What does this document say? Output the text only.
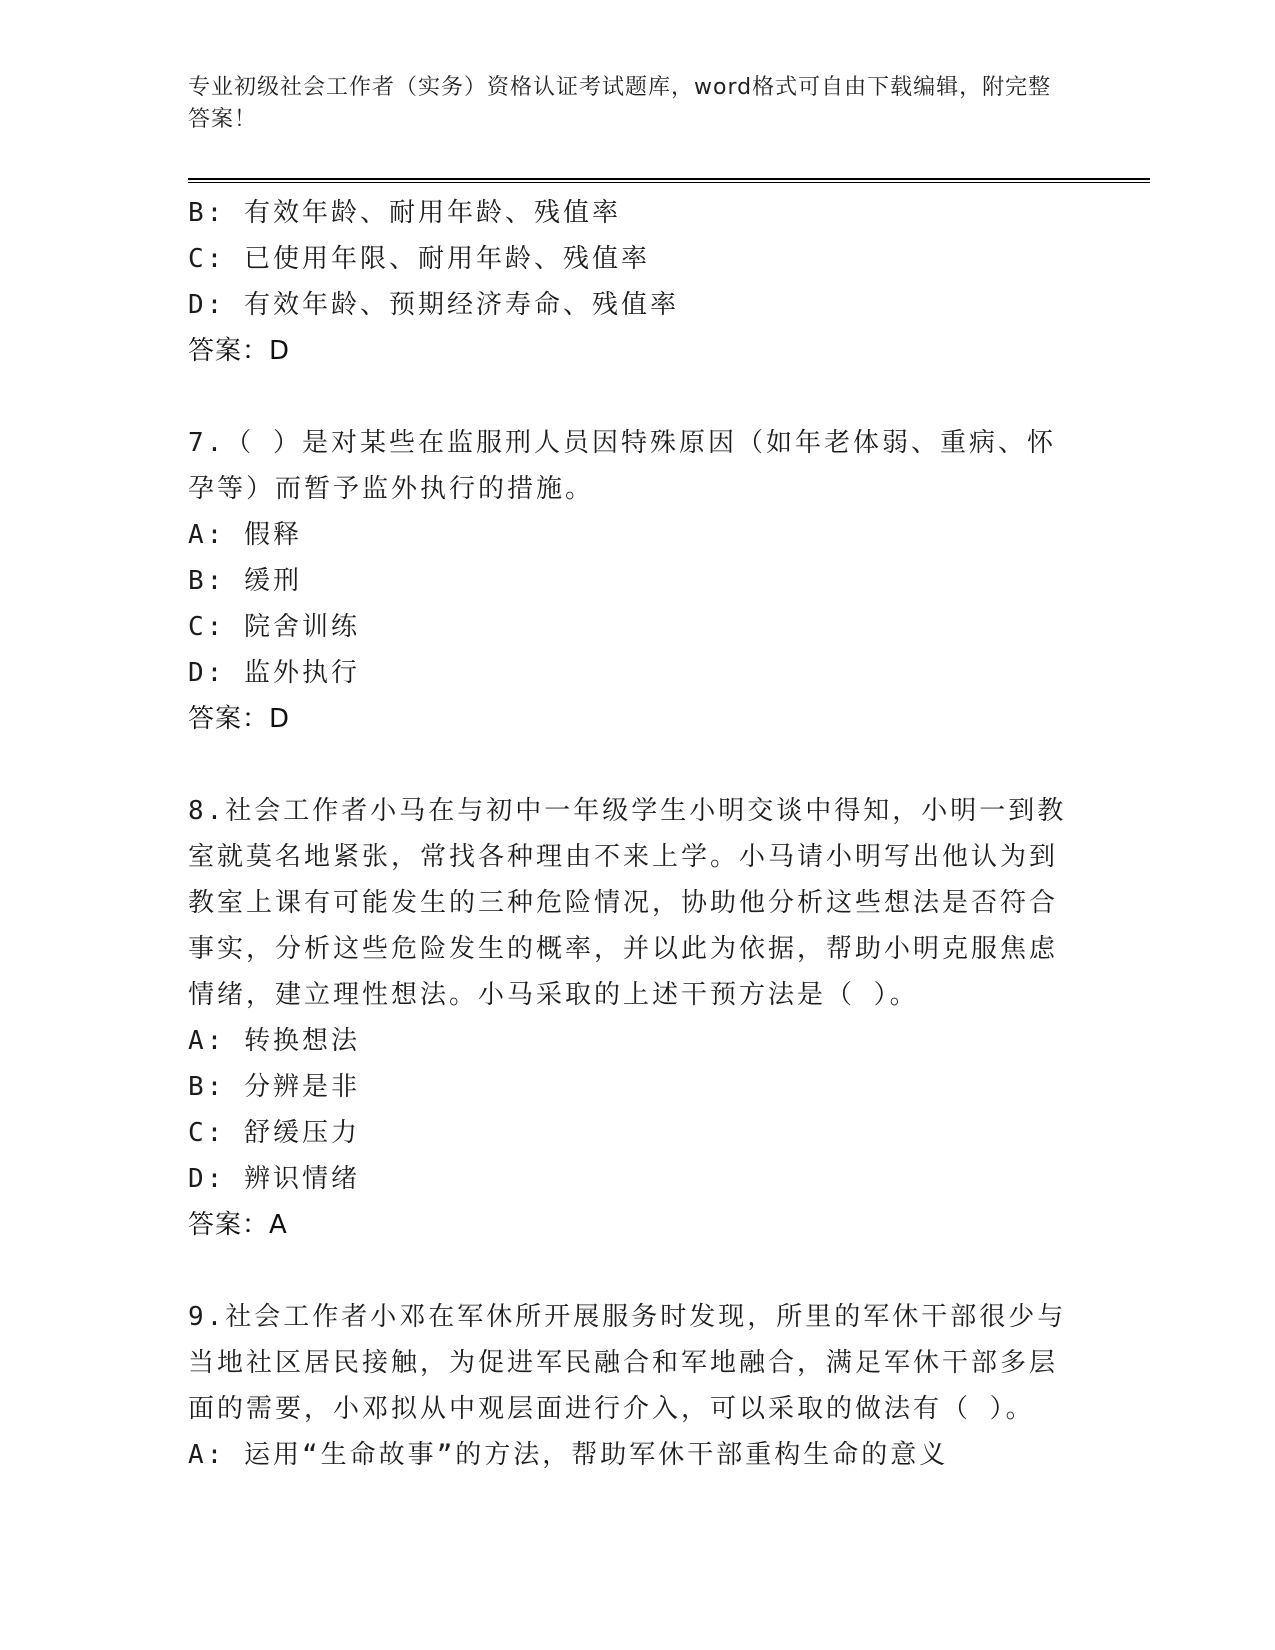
专业初级社会工作者（实务）资格认证考试题库，word格式可自由下载编辑，附完整答案！
B: 有效年龄、耐用年龄、残值率
C: 已使用年限、耐用年龄、残值率
D: 有效年龄、预期经济寿命、残值率
答案：D
7.（ ）是对某些在监服刑人员因特殊原因（如年老体弱、重病、怀孕等）而暂予监外执行的措施。
A: 假释
B: 缓刑
C: 院舍训练
D: 监外执行
答案：D
8.社会工作者小马在与初中一年级学生小明交谈中得知，小明一到教室就莫名地紧张，常找各种理由不来上学。小马请小明写出他认为到教室上课有可能发生的三种危险情况，协助他分析这些想法是否符合事实，分析这些危险发生的概率，并以此为依据，帮助小明克服焦虑情绪，建立理性想法。小马采取的上述干预方法是（ ）。
A: 转换想法
B: 分辨是非
C: 舒缓压力
D: 辨识情绪
答案：A
9.社会工作者小邓在军休所开展服务时发现，所里的军休干部很少与当地社区居民接触，为促进军民融合和军地融合，满足军休干部多层面的需要，小邓拟从中观层面进行介入，可以采取的做法有（ ）。
A: 运用“生命故事”的方法，帮助军休干部重构生命的意义
